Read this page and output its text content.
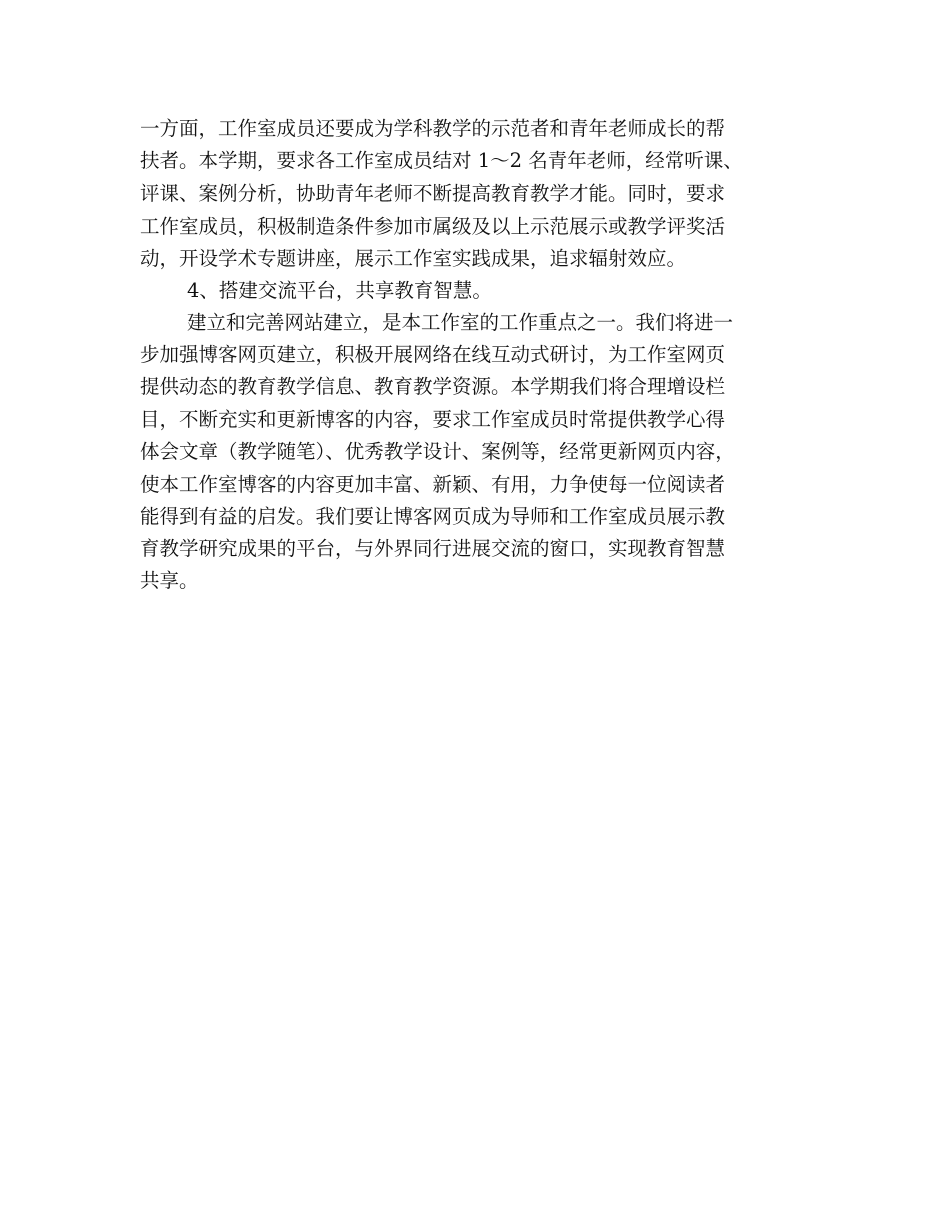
一方面，工作室成员还要成为学科教学的示范者和青年老师成长的帮

扶者。本学期，要求各工作室成员结对 1～2 名青年老师，经常听课、

评课、案例分析，协助青年老师不断提高教育教学才能。同时，要求

工作室成员，积极制造条件参加市属级及以上示范展示或教学评奖活

动，开设学术专题讲座，展示工作室实践成果，追求辐射效应。

4、搭建交流平台，共享教育智慧。

建立和完善网站建立，是本工作室的工作重点之一。我们将进一

步加强博客网页建立，积极开展网络在线互动式研讨，为工作室网页

提供动态的教育教学信息、教育教学资源。本学期我们将合理增设栏

目，不断充实和更新博客的内容，要求工作室成员时常提供教学心得

体会文章（教学随笔）、优秀教学设计、案例等，经常更新网页内容，

使本工作室博客的内容更加丰富、新颖、有用，力争使每一位阅读者

能得到有益的启发。我们要让博客网页成为导师和工作室成员展示教

育教学研究成果的平台，与外界同行进展交流的窗口，实现教育智慧

共享。
